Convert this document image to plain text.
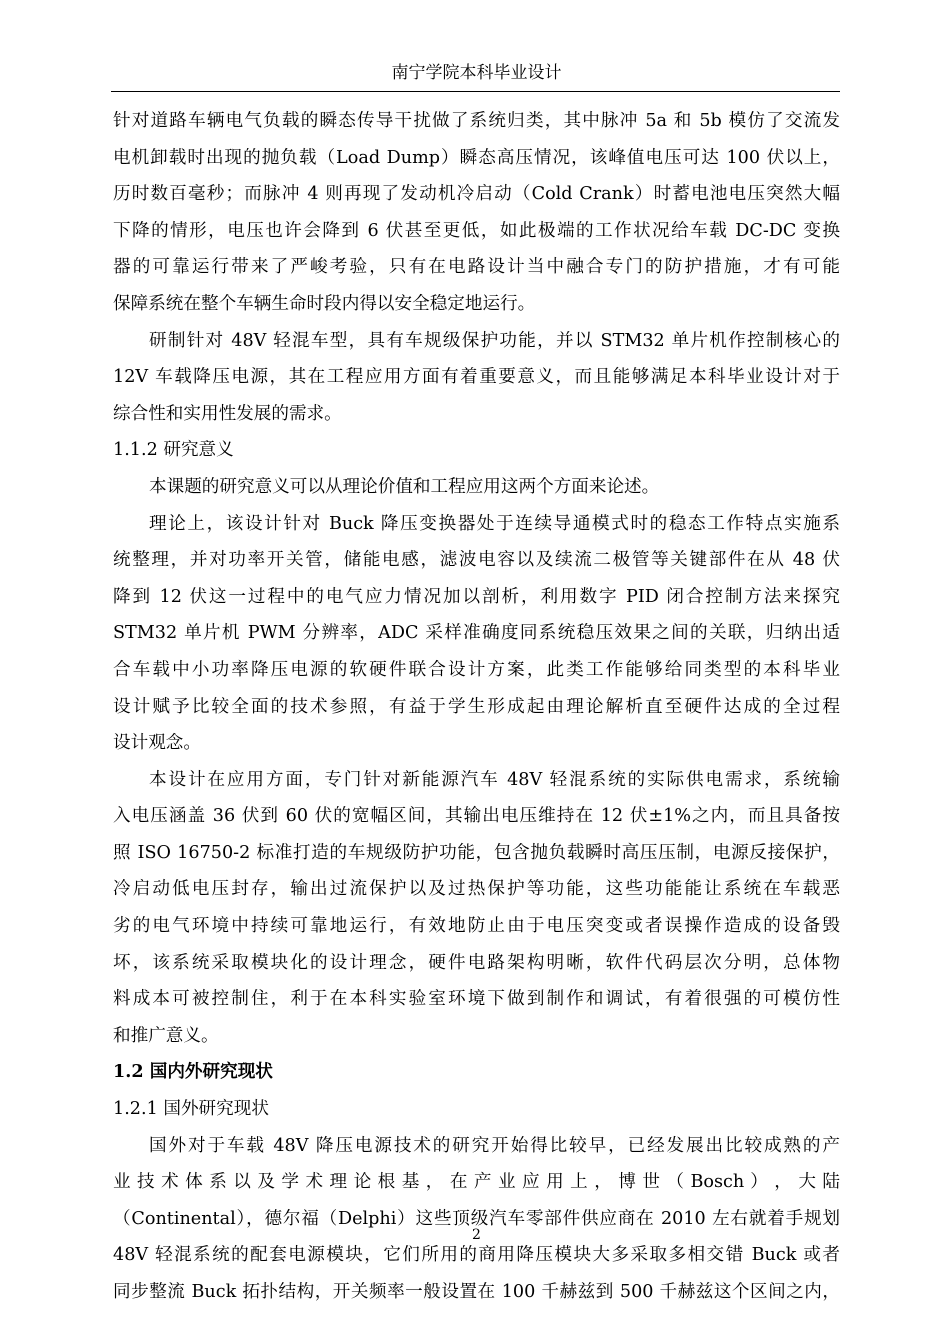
南宁学院本科毕业设计
针对道路车辆电气负载的瞬态传导干扰做了系统归类，其中脉冲 5a 和 5b 模仿了交流发
电机卸载时出现的抛负载（Load Dump）瞬态高压情况，该峰值电压可达 100 伏以上，
历时数百毫秒；而脉冲 4 则再现了发动机冷启动（Cold Crank）时蓄电池电压突然大幅
下降的情形，电压也许会降到 6 伏甚至更低，如此极端的工作状况给车载 DC-DC 变换
器的可靠运行带来了严峻考验，只有在电路设计当中融合专门的防护措施，才有可能
保障系统在整个车辆生命时段内得以安全稳定地运行。
研制针对 48V 轻混车型，具有车规级保护功能，并以 STM32 单片机作控制核心的
12V 车载降压电源，其在工程应用方面有着重要意义，而且能够满足本科毕业设计对于
综合性和实用性发展的需求。
1.1.2 研究意义
本课题的研究意义可以从理论价值和工程应用这两个方面来论述。
理论上，该设计针对 Buck 降压变换器处于连续导通模式时的稳态工作特点实施系
统整理，并对功率开关管，储能电感，滤波电容以及续流二极管等关键部件在从 48 伏
降到 12 伏这一过程中的电气应力情况加以剖析，利用数字 PID 闭合控制方法来探究
STM32 单片机 PWM 分辨率，ADC 采样准确度同系统稳压效果之间的关联，归纳出适
合车载中小功率降压电源的软硬件联合设计方案，此类工作能够给同类型的本科毕业
设计赋予比较全面的技术参照，有益于学生形成起由理论解析直至硬件达成的全过程
设计观念。
本设计在应用方面，专门针对新能源汽车 48V 轻混系统的实际供电需求，系统输
入电压涵盖 36 伏到 60 伏的宽幅区间，其输出电压维持在 12 伏±1%之内，而且具备按
照 ISO 16750-2 标准打造的车规级防护功能，包含抛负载瞬时高压压制，电源反接保护，
冷启动低电压封存，输出过流保护以及过热保护等功能，这些功能能让系统在车载恶
劣的电气环境中持续可靠地运行，有效地防止由于电压突变或者误操作造成的设备毁
坏，该系统采取模块化的设计理念，硬件电路架构明晰，软件代码层次分明，总体物
料成本可被控制住，利于在本科实验室环境下做到制作和调试，有着很强的可模仿性
和推广意义。
1.2 国内外研究现状
1.2.1 国外研究现状
国外对于车载 48V 降压电源技术的研究开始得比较早，已经发展出比较成熟的产
业 技 术 体 系 以 及 学 术 理 论 根 基 ， 在 产 业 应 用 上 ， 博 世 （ Bosch ） ， 大 陆
（Continental），德尔福（Delphi）这些顶级汽车零部件供应商在 2010 左右就着手规划
48V 轻混系统的配套电源模块，它们所用的商用降压模块大多采取多相交错 Buck 或者
同步整流 Buck 拓扑结构，开关频率一般设置在 100 千赫兹到 500 千赫兹这个区间之内，
2
